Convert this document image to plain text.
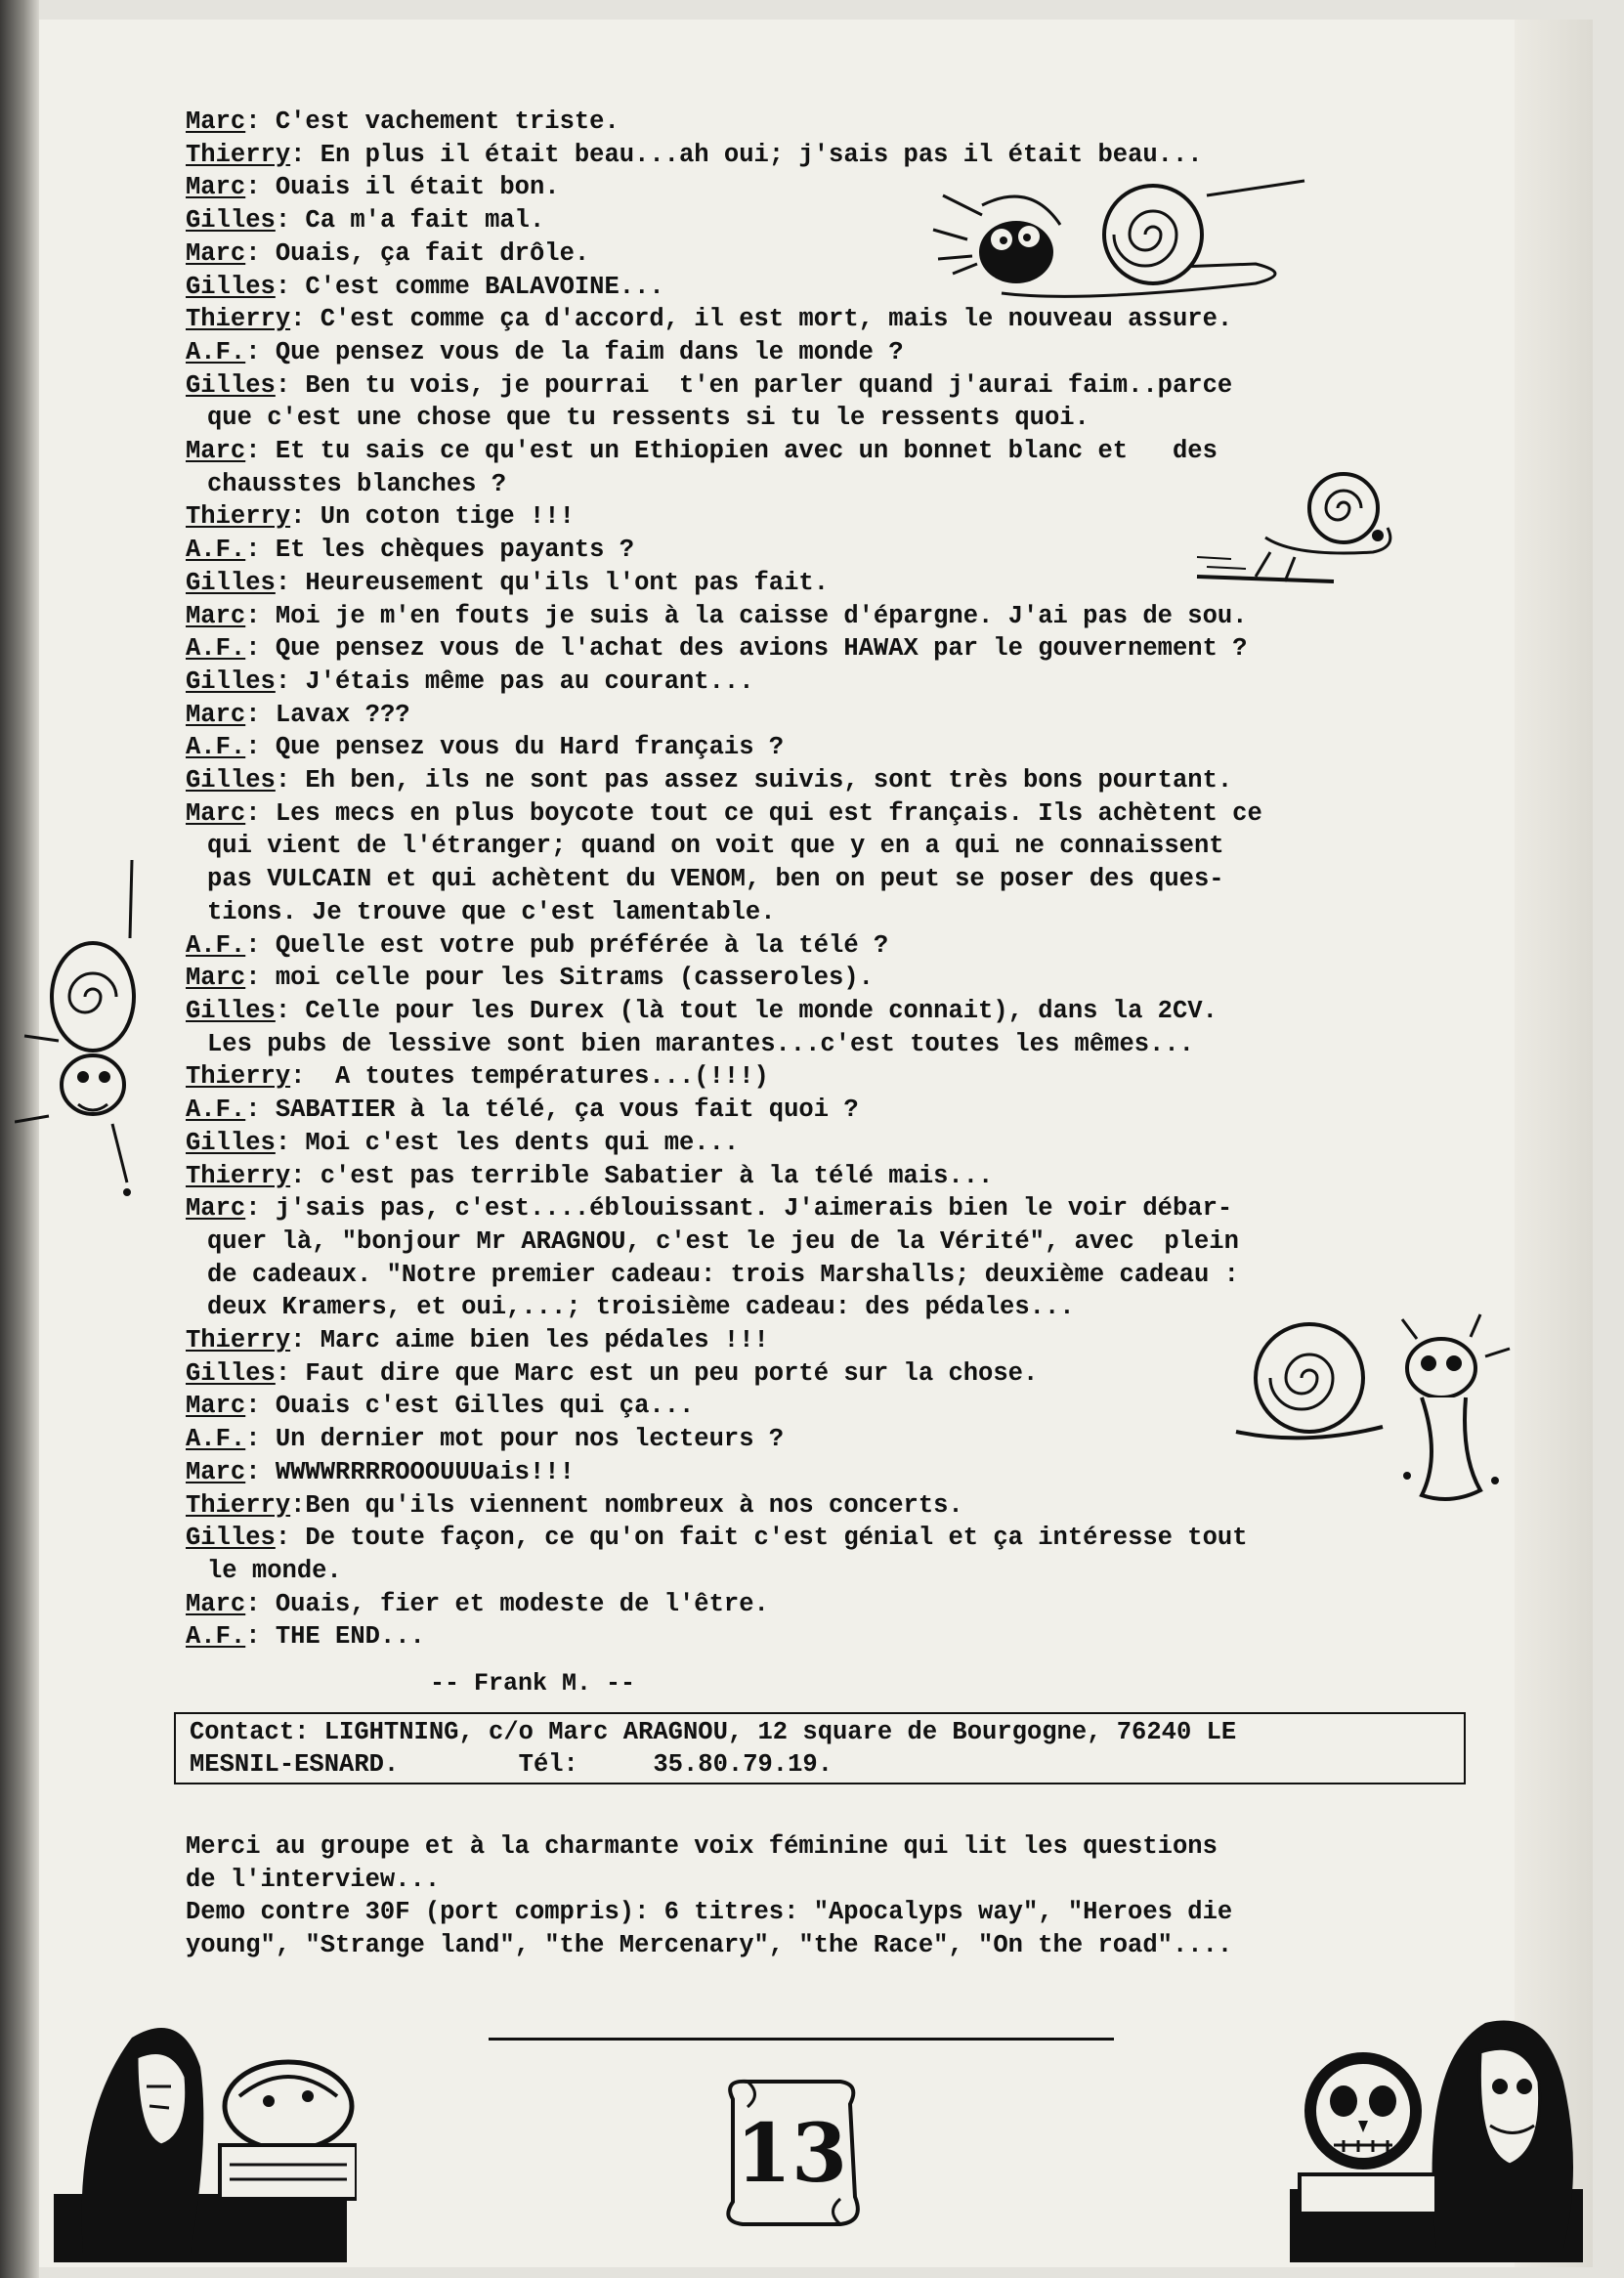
Marc: C'est vachement triste.
Thierry: En plus il était beau...ah oui; j'sais pas il était beau...
Marc: Ouais il était bon.
Gilles: Ca m'a fait mal.
Marc: Ouais, ça fait drôle.
Gilles: C'est comme BALAVOINE...
Thierry: C'est comme ça d'accord, il est mort, mais le nouveau assure.
A.F.: Que pensez vous de la faim dans le monde ?
Gilles: Ben tu vois, je pourrai  t'en parler quand j'aurai faim..parce
que c'est une chose que tu ressents si tu le ressents quoi.
Marc: Et tu sais ce qu'est un Ethiopien avec un bonnet blanc et   des
chausstes blanches ?
Thierry: Un coton tige !!!
A.F.: Et les chèques payants ?
Gilles: Heureusement qu'ils l'ont pas fait.
Marc: Moi je m'en fouts je suis à la caisse d'épargne. J'ai pas de sou.
A.F.: Que pensez vous de l'achat des avions HAWAX par le gouvernement ?
Gilles: J'étais même pas au courant...
Marc: Lavax ???
A.F.: Que pensez vous du Hard français ?
Gilles: Eh ben, ils ne sont pas assez suivis, sont très bons pourtant.
Marc: Les mecs en plus boycote tout ce qui est français. Ils achètent ce
qui vient de l'étranger; quand on voit que y en a qui ne connaissent
pas VULCAIN et qui achètent du VENOM, ben on peut se poser des ques-
tions. Je trouve que c'est lamentable.
A.F.: Quelle est votre pub préférée à la télé ?
Marc: moi celle pour les Sitrams (casseroles).
Gilles: Celle pour les Durex (là tout le monde connait), dans la 2CV.
Les pubs de lessive sont bien marantes...c'est toutes les mêmes...
Thierry:  A toutes températures...(!!!)
A.F.: SABATIER à la télé, ça vous fait quoi ?
Gilles: Moi c'est les dents qui me...
Thierry: c'est pas terrible Sabatier à la télé mais...
Marc: j'sais pas, c'est....éblouissant. J'aimerais bien le voir débar-
quer là, "bonjour Mr ARAGNOU, c'est le jeu de la Vérité", avec  plein
de cadeaux. "Notre premier cadeau: trois Marshalls; deuxième cadeau :
deux Kramers, et oui,...; troisième cadeau: des pédales...
Thierry: Marc aime bien les pédales !!!
Gilles: Faut dire que Marc est un peu porté sur la chose.
Marc: Ouais c'est Gilles qui ça...
A.F.: Un dernier mot pour nos lecteurs ?
Marc: WWWWRRRROOOUUUais!!!
Thierry:Ben qu'ils viennent nombreux à nos concerts.
Gilles: De toute façon, ce qu'on fait c'est génial et ça intéresse tout
le monde.
Marc: Ouais, fier et modeste de l'être.
A.F.: THE END...
-- Frank M. --
Contact: LIGHTNING, c/o Marc ARAGNOU, 12 square de Bourgogne, 76240 LE
MESNIL-ESNARD.        Tél:     35.80.79.19.
Merci au groupe et à la charmante voix féminine qui lit les questions
de l'interview...
Demo contre 30F (port compris): 6 titres: "Apocalyps way", "Heroes die
young", "Strange land", "the Mercenary", "the Race", "On the road"....
13
